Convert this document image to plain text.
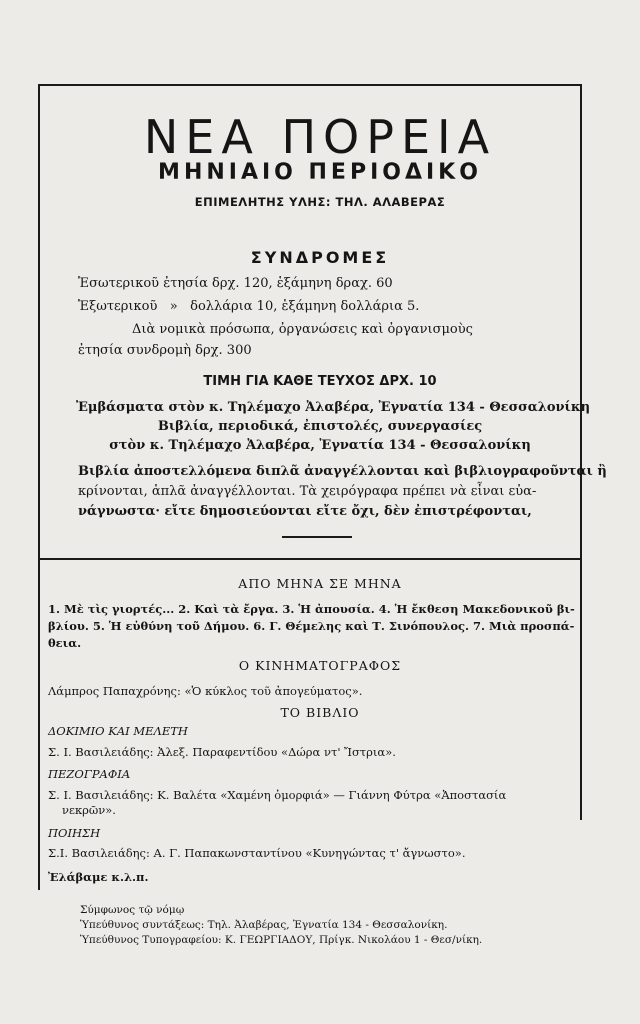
ΝΕΑ ΠΟΡΕΙΑ
ΜΗΝΙΑΙΟ ΠΕΡΙΟΔΙΚΟ
ΕΠΙΜΕΛΗΤΗΣ ΥΛΗΣ: ΤΗΛ. ΑΛΑΒΕΡΑΣ
ΣΥΝΔΡΟΜΕΣ
Ἐσωτερικοῦ ἐτησία δρχ. 120, ἑξάμηνη δραχ. 60
Ἐξωτερικοῦ   »   δολλάρια 10, ἑξάμηνη δολλάρια 5.
Διὰ νομικὰ πρόσωπα, ὀργανώσεις καὶ ὀργανισμοὺς
ἐτησία συνδρομὴ δρχ. 300
ΤΙΜΗ ΓΙΑ ΚΑΘΕ ΤΕΥΧΟΣ ΔΡΧ. 10
Ἐμβάσματα στὸν κ. Τηλέμαχο Ἀλαβέρα, Ἐγνατία 134 - Θεσσαλονίκη
Βιβλία, περιοδικά, ἐπιστολές, συνεργασίες
στὸν κ. Τηλέμαχο Ἀλαβέρα, Ἐγνατία 134 - Θεσσαλονίκη
Βιβλία ἀποστελλόμενα διπλᾶ ἀναγγέλλονται καὶ βιβλιογραφοῦνται ἢ
κρίνονται, ἁπλᾶ ἀναγγέλλονται. Τὰ χειρόγραφα πρέπει νὰ εἶναι εὐα-
νάγνωστα· εἴτε δημοσιεύονται εἴτε ὄχι, δὲν ἐπιστρέφονται,
ΑΠΟ ΜΗΝΑ ΣΕ ΜΗΝΑ
1. Μὲ τὶς γιορτές... 2. Καὶ τὰ ἔργα. 3. Ἡ ἀπουσία. 4. Ἡ ἔκθεση Μακεδονικοῦ βι-
βλίου. 5. Ἡ εὐθύνη τοῦ Δήμου. 6. Γ. Θέμελης καὶ Τ. Σινόπουλος. 7. Μιὰ προσπά-
θεια.
Ο ΚΙΝΗΜΑΤΟΓΡΑΦΟΣ
Λάμπρος Παπαχρόνης: «Ὁ κύκλος τοῦ ἀπογεύματος».
ΤΟ ΒΙΒΛΙΟ
ΔΟΚΙΜΙΟ ΚΑΙ ΜΕΛΕΤΗ
Σ. Ι. Βασιλειάδης: Ἀλεξ. Παραφεντίδου «Δώρα ντ' Ἴστρια».
ΠΕΖΟΓΡΑΦΙΑ
Σ. Ι. Βασιλειάδης: Κ. Βαλέτα «Χαμένη ὀμορφιά» — Γιάννη Φύτρα «Ἀποστασία
νεκρῶν».
ΠΟΙΗΣΗ
Σ.Ι. Βασιλειάδης: Α. Γ. Παπακωνσταντίνου «Κυνηγώντας τ' ἄγνωστο».
Ἐλάβαμε κ.λ.π.
Σύμφωνος τῷ νόμῳ
Ὑπεύθυνος συντάξεως: Τηλ. Ἀλαβέρας, Ἐγνατία 134 - Θεσσαλονίκη.
Ὑπεύθυνος Τυπογραφείου: Κ. ΓΕΩΡΓΙΑΔΟΥ, Πρίγκ. Νικολάου 1 - Θεσ/νίκη.
